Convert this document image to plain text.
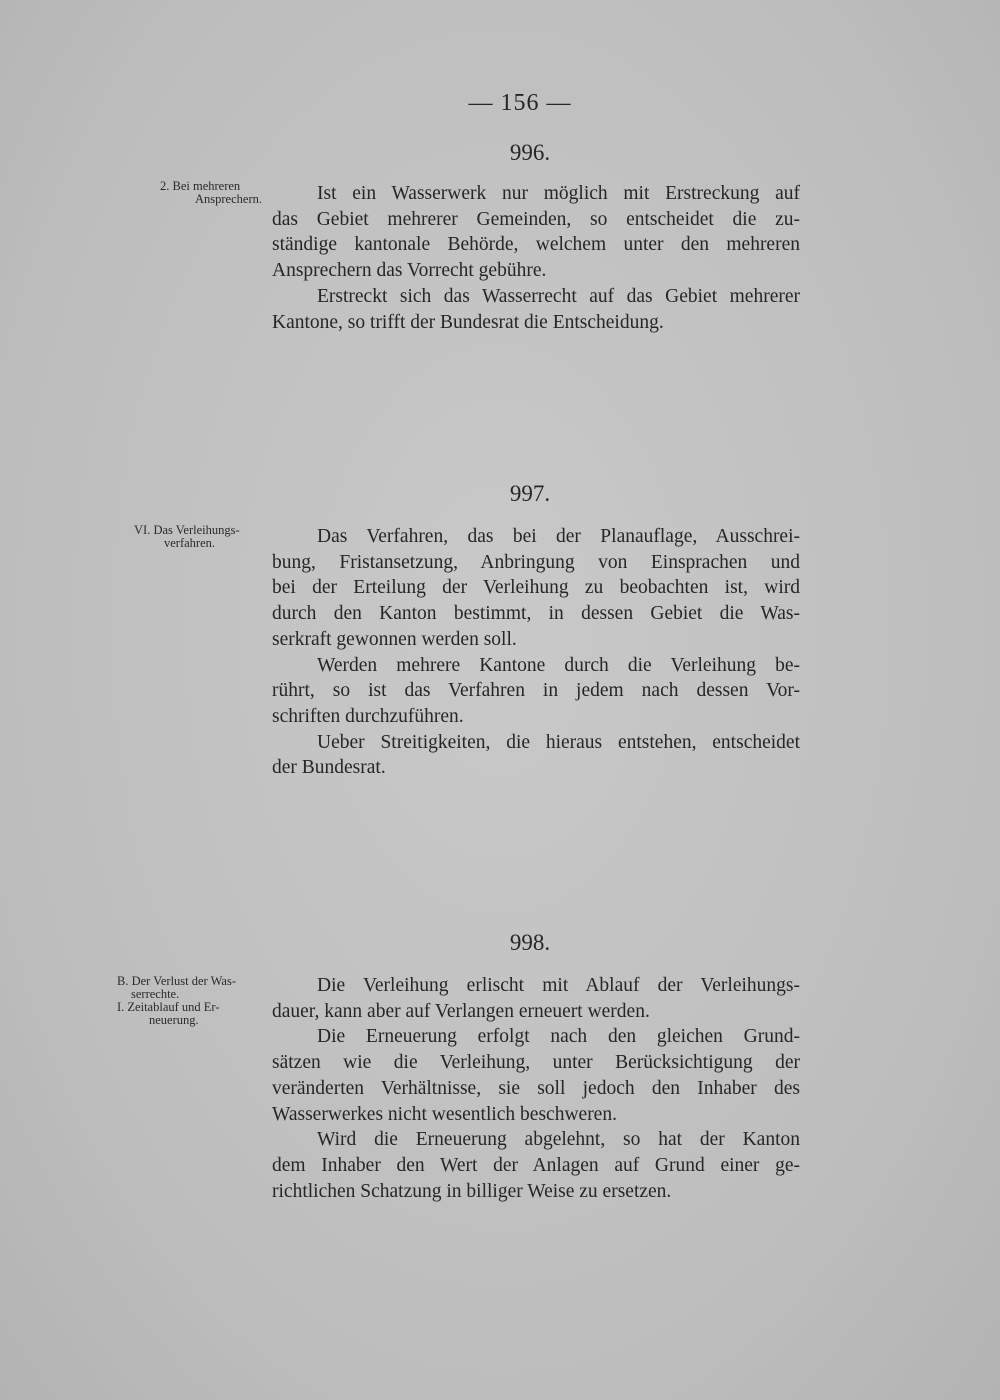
— 156 —
996.
2. Bei mehreren
Ansprechern.	Ist ein Wasserwerk nur möglich mit Erstreckung auf
das Gebiet mehrerer Gemeinden, so entscheidet die zu-
ständige kantonale Behörde, welchem unter den mehreren
Ansprechern das Vorrecht gebühre.

Erstreckt sich das Wasserrecht auf das Gebiet mehrerer
Kantone, so trifft der Bundesrat die Entscheidung.

997.
VI. Das Verleihungs-
verfahren.	Das Verfahren, das bei der Planauflage, Ausschrei-
bung, Fristansetzung, Anbringung von Einsprachen und
bei der Erteilung der Verleihung zu beobachten ist, wird
durch den Kanton bestimmt, in dessen Gebiet die Was-
serkraft gewonnen werden soll.

Werden mehrere Kantone durch die Verleihung be-
rührt, so ist das Verfahren in jedem nach dessen Vor-
schriften durchzuführen.

Ueber Streitigkeiten, die hieraus entstehen, entscheidet
der Bundesrat.

998.
B. Der Verlust der Was-
serrechte.
I. Zeitablauf und Er-
neuerung.

Die Verleihung erlischt mit Ablauf der Verleihungs-
dauer, kann aber auf Verlangen erneuert werden.

Die Erneuerung erfolgt nach den gleichen Grund-
sätzen wie die Verleihung, unter Berücksichtigung der
veränderten Verhältnisse, sie soll jedoch den Inhaber des
Wasserwerkes nicht wesentlich beschweren.

Wird die Erneuerung abgelehnt, so hat der Kanton
dem Inhaber den Wert der Anlagen auf Grund einer ge-
richtlichen Schatzung in billiger Weise zu ersetzen.
